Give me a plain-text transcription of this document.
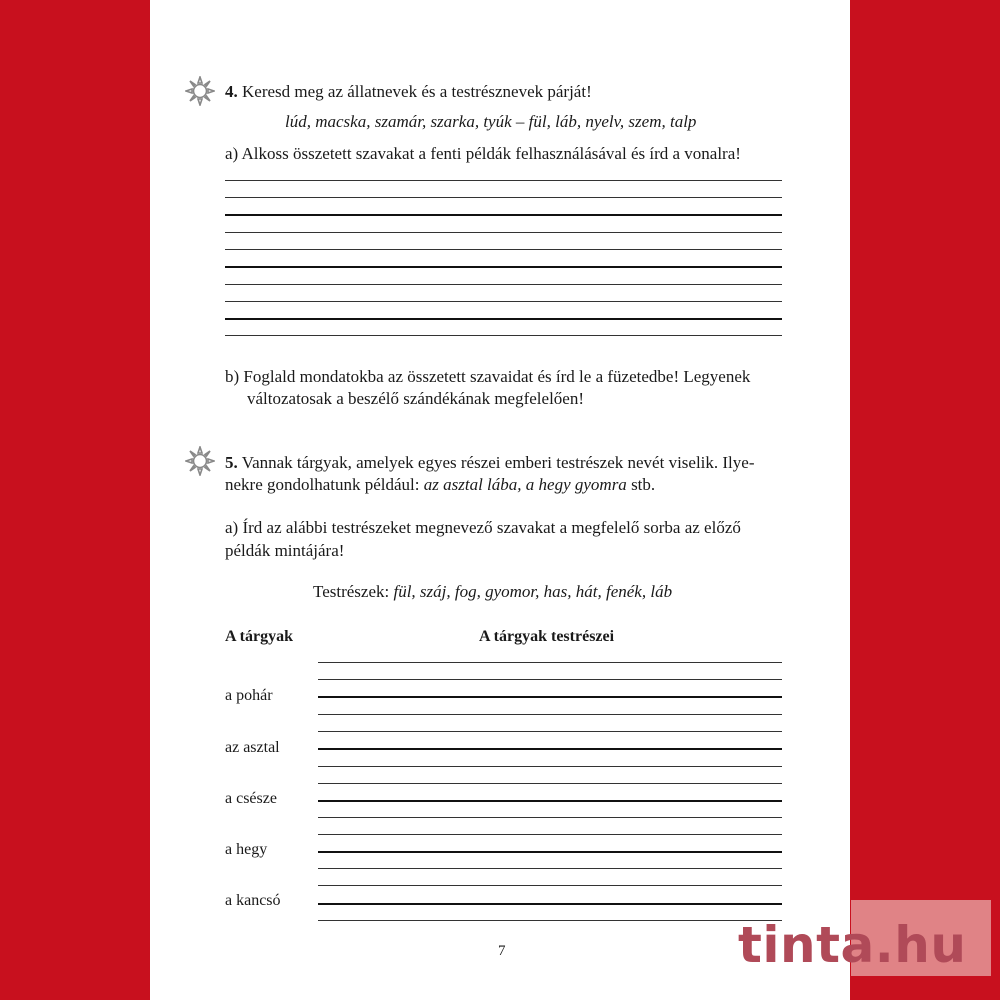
4. Keresd meg az állatnevek és a testrésznevek párját!
lúd, macska, szamár, szarka, tyúk – fül, láb, nyelv, szem, talp
a) Alkoss összetett szavakat a fenti példák felhasználásával és írd a vonalra!
b) Foglald mondatokba az összetett szavaidat és írd le a füzetedbe! Legyenek
változatosak a beszélő szándékának megfelelően!
5. Vannak tárgyak, amelyek egyes részei emberi testrészek nevét viselik. Ilye-
nekre gondolhatunk például: az asztal lába, a hegy gyomra stb.
a) Írd az alábbi testrészeket megnevező szavakat a megfelelő sorba az előző
példák mintájára!
Testrészek: fül, száj, fog, gyomor, has, hát, fenék, láb
A tárgyak	A tárgyak testrészei
a pohár
az asztal
a csésze
a hegy
a kancsó
7	tinta.hu
